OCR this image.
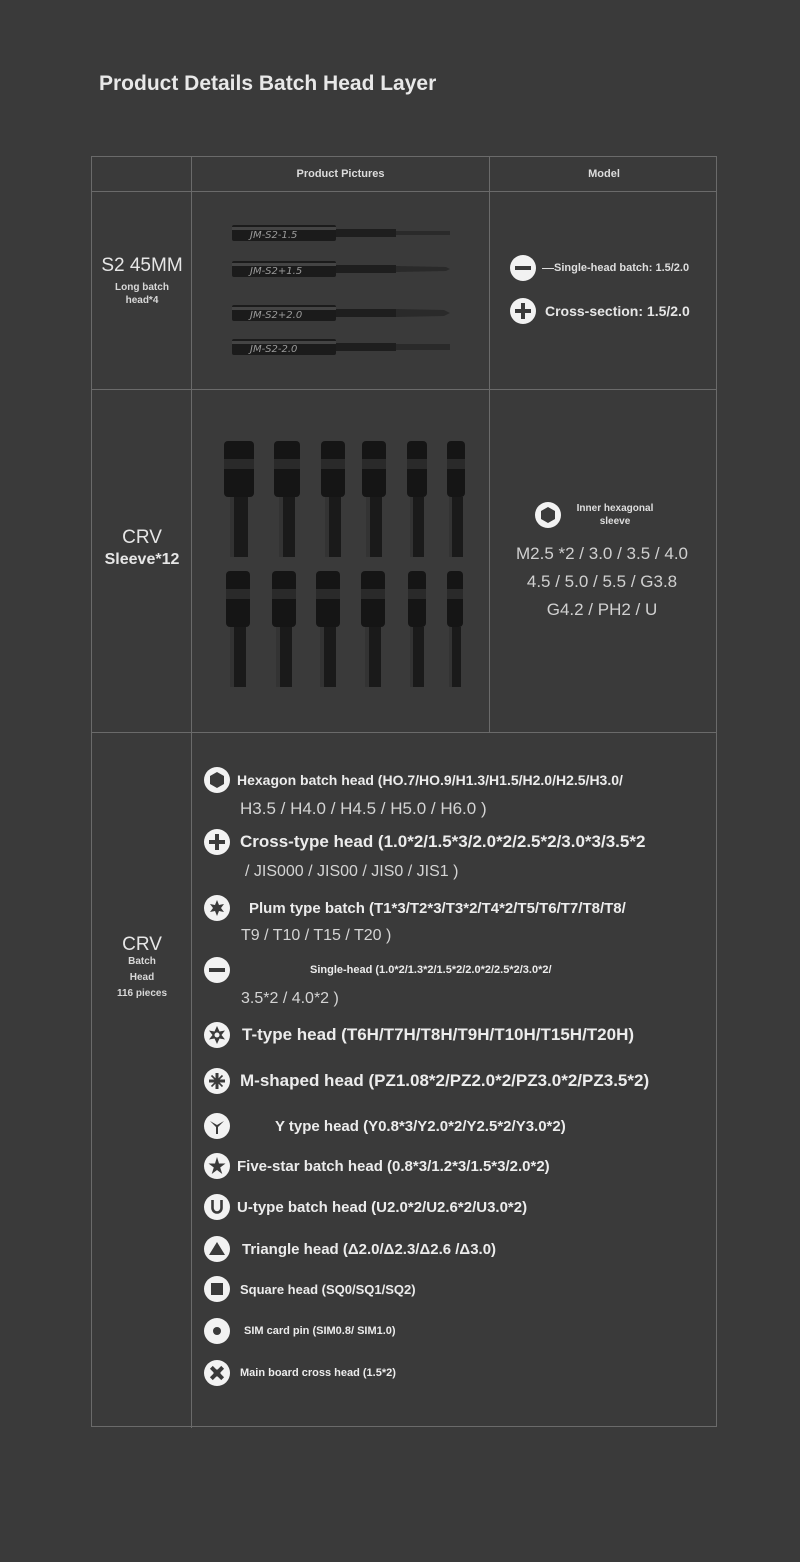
Product Details Batch Head Layer
Product Pictures	Model
S2 45MM
Long batch head*4
JM-S2-1.5
JM-S2+1.5
JM-S2+2.0
JM-S2-2.0
Single-head batch: 1.5/2.0
Cross-section: 1.5/2.0
CRV
Sleeve*12
Inner hexagonal sleeve
M2.5 *2 / 3.0 / 3.5 / 4.0
4.5 / 5.0 / 5.5 / G3.8
G4.2 / PH2 / U
CRV
Batch
Head
116 pieces
Hexagon batch head (HO.7/HO.9/H1.3/H1.5/H2.0/H2.5/H3.0/
H3.5 / H4.0 / H4.5 / H5.0 / H6.0 )
Cross-type head (1.0*2/1.5*3/2.0*2/2.5*2/3.0*3/3.5*2
/ JIS000 / JIS00 / JIS0 / JIS1 )
Plum type batch (T1*3/T2*3/T3*2/T4*2/T5/T6/T7/T8/T8/
T9 / T10 / T15 / T20 )
Single-head (1.0*2/1.3*2/1.5*2/2.0*2/2.5*2/3.0*2/
3.5*2 / 4.0*2 )
T-type head (T6H/T7H/T8H/T9H/T10H/T15H/T20H)
M-shaped head (PZ1.08*2/PZ2.0*2/PZ3.0*2/PZ3.5*2)
Y type head (Y0.8*3/Y2.0*2/Y2.5*2/Y3.0*2)
Five-star batch head (0.8*3/1.2*3/1.5*3/2.0*2)
U-type batch head (U2.0*2/U2.6*2/U3.0*2)
Triangle head (Δ2.0/Δ2.3/Δ2.6 /Δ3.0)
Square head (SQ0/SQ1/SQ2)
SIM card pin (SIM0.8/ SIM1.0)
Main board cross head (1.5*2)
